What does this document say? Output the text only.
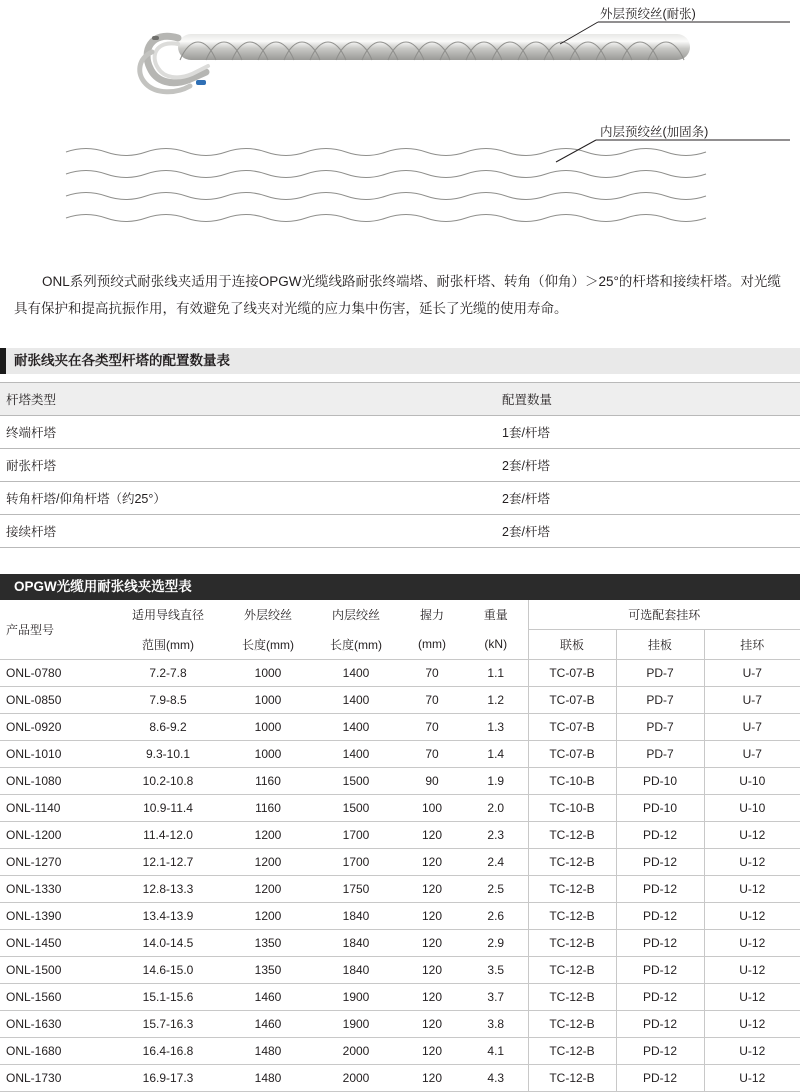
外层预绞丝(耐张)
内层预绞丝(加固条)

ONL系列预绞式耐张线夹适用于连接OPGW光缆线路耐张终端塔、耐张杆塔、转角（仰角）＞25°的杆塔和接续杆塔。对光缆具有保护和提高抗振作用，有效避免了线夹对光缆的应力集中伤害，延长了光缆的使用寿命。

耐张线夹在各类型杆塔的配置数量表
杆塔类型	配置数量
终端杆塔	1套/杆塔
耐张杆塔	2套/杆塔
转角杆塔/仰角杆塔（约25°）	2套/杆塔
接续杆塔	2套/杆塔
OPGW光缆用耐张线夹选型表
产品型号	适用导线直径	外层绞丝	内层绞丝	握力	重量	可选配套挂环		
	范围(mm)	长度(mm)	长度(mm)	(mm)	(kN)	联板	挂板	挂环
ONL-0780	7.2-7.8	1000	1400	70	1.1	TC-07-B	PD-7	U-7
ONL-0850	7.9-8.5	1000	1400	70	1.2	TC-07-B	PD-7	U-7
ONL-0920	8.6-9.2	1000	1400	70	1.3	TC-07-B	PD-7	U-7
ONL-1010	9.3-10.1	1000	1400	70	1.4	TC-07-B	PD-7	U-7
ONL-1080	10.2-10.8	1160	1500	90	1.9	TC-10-B	PD-10	U-10
ONL-1140	10.9-11.4	1160	1500	100	2.0	TC-10-B	PD-10	U-10
ONL-1200	11.4-12.0	1200	1700	120	2.3	TC-12-B	PD-12	U-12
ONL-1270	12.1-12.7	1200	1700	120	2.4	TC-12-B	PD-12	U-12
ONL-1330	12.8-13.3	1200	1750	120	2.5	TC-12-B	PD-12	U-12
ONL-1390	13.4-13.9	1200	1840	120	2.6	TC-12-B	PD-12	U-12
ONL-1450	14.0-14.5	1350	1840	120	2.9	TC-12-B	PD-12	U-12
ONL-1500	14.6-15.0	1350	1840	120	3.5	TC-12-B	PD-12	U-12
ONL-1560	15.1-15.6	1460	1900	120	3.7	TC-12-B	PD-12	U-12
ONL-1630	15.7-16.3	1460	1900	120	3.8	TC-12-B	PD-12	U-12
ONL-1680	16.4-16.8	1480	2000	120	4.1	TC-12-B	PD-12	U-12
ONL-1730	16.9-17.3	1480	2000	120	4.3	TC-12-B	PD-12	U-12
